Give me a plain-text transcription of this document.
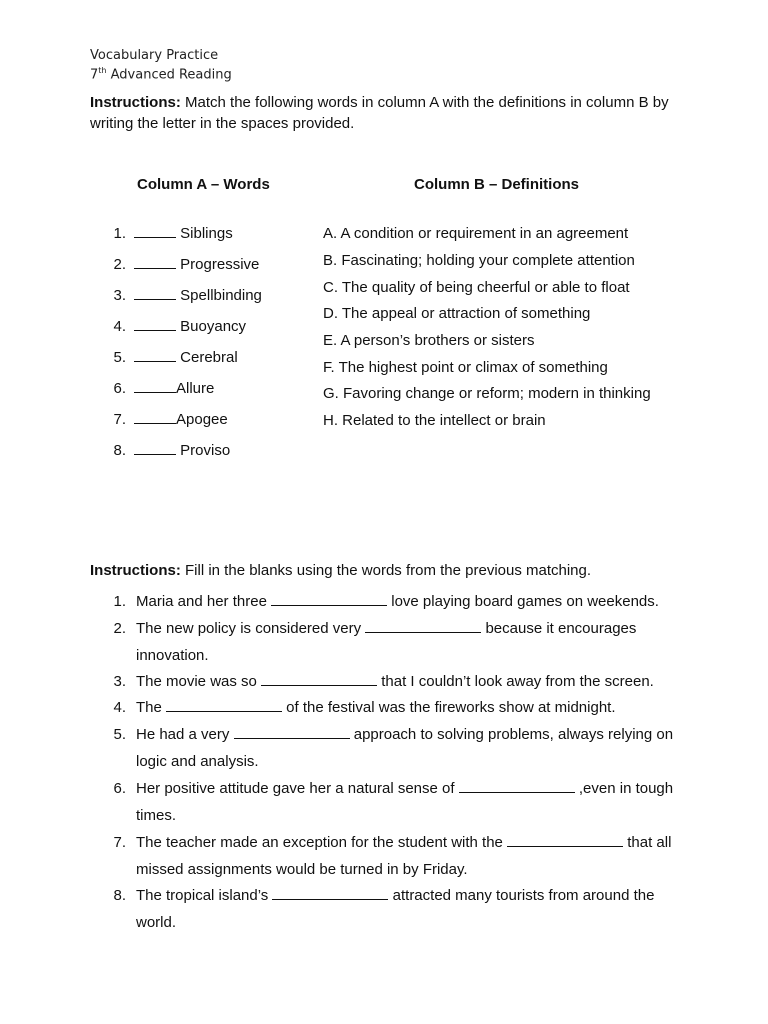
Vocabulary Practice
7th Advanced Reading
Instructions: Match the following words in column A with the definitions in column B by writing the letter in the spaces provided.
Column A – Words	Column B – Definitions
1.	Siblings
2.	Progressive
3.	Spellbinding
4.	Buoyancy
5.	Cerebral
6.	Allure
7.	Apogee
8.	Proviso
A. A condition or requirement in an agreement
B. Fascinating; holding your complete attention
C. The quality of being cheerful or able to float
D. The appeal or attraction of something
E. A person’s brothers or sisters
F. The highest point or climax of something
G. Favoring change or reform; modern in thinking
H. Related to the intellect or brain
Instructions: Fill in the blanks using the words from the previous matching.
1. Maria and her three	love playing board games on weekends.
2. The new policy is considered very	because it encourages innovation.
3. The movie was so	that I couldn’t look away from the screen.
4. The	of the festival was the fireworks show at midnight.
5. He had a very	approach to solving problems, always relying on logic and analysis.
6. Her positive attitude gave her a natural sense of	,even in tough times.
7. The teacher made an exception for the student with the	that all missed assignments would be turned in by Friday.
8. The tropical island’s	attracted many tourists from around the world.
